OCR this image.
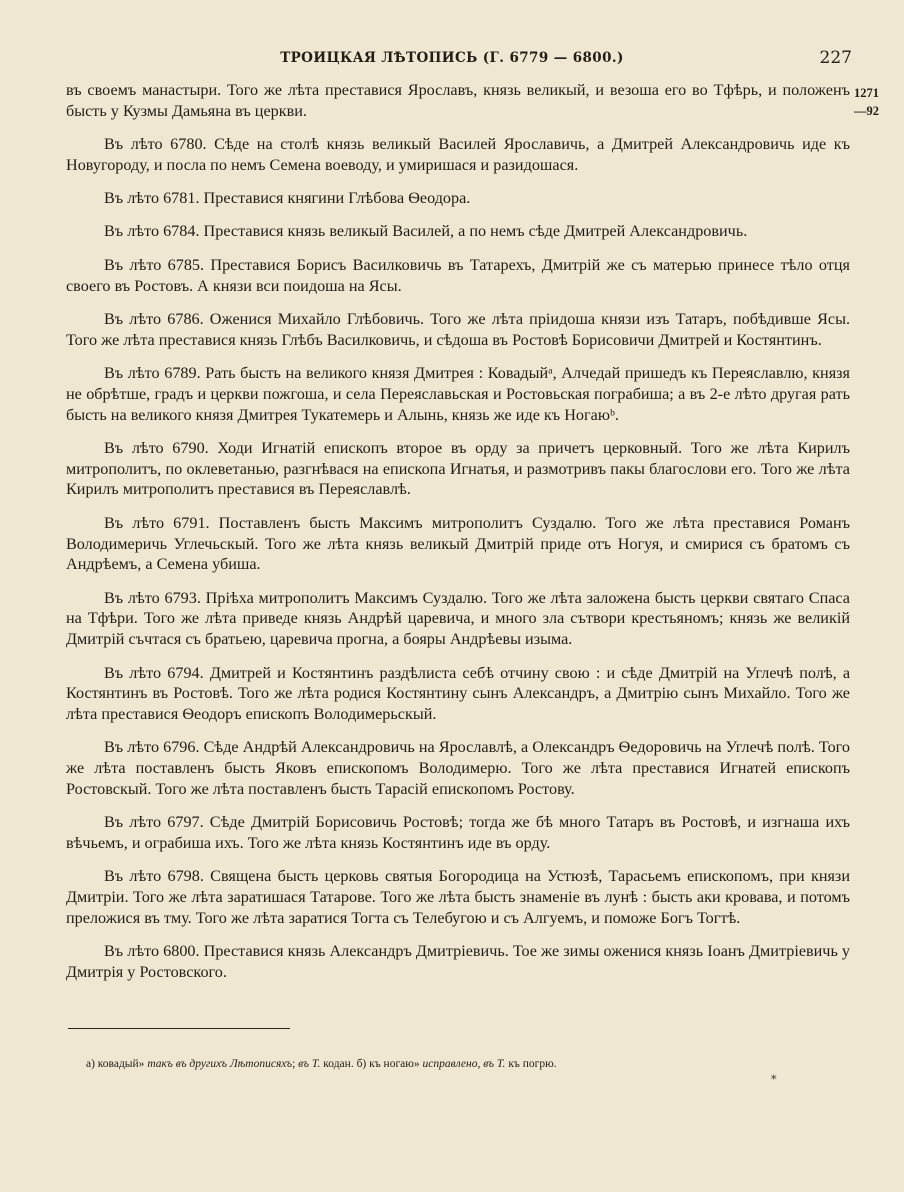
ТРОИЦКАЯ ЛѢТОПИСЬ (Г. 6779 — 6800.)	227
1271
—92

въ своемъ манастыри. Того же лѣта преставися Ярославъ, князь великый, и везоша его во Тфѣрь, и положенъ бысть у Кузмы Дамьяна въ церкви.

Въ лѣто 6780. Сѣде на столѣ князь великый Василей Ярославичь, а Дмитрей Александровичь иде къ Новугороду, и посла по немъ Семена воеводу, и умиришася и разидошася.

Въ лѣто 6781. Преставися княгини Глѣбова Ѳеодора.

Въ лѣто 6784. Преставися князь великый Василей, а по немъ сѣде Дмитрей Александровичь.

Въ лѣто 6785. Преставися Борисъ Василковичь въ Татарехъ, Дмитрій же съ матерью принесе тѣло отця своего въ Ростовъ. А князи вси поидоша на Ясы.

Въ лѣто 6786. Оженися Михайло Глѣбовичь. Того же лѣта прiидоша князи изъ Татаръ, побѣдивше Ясы. Того же лѣта преставися князь Глѣбъ Василковичь, и сѣдоша въ Ростовѣ Борисовичи Дмитрей и Костянтинъ.

Въ лѣто 6789. Рать бысть на великого князя Дмитрея : Ковадыйᵃ, Алчедай пришедъ къ Переяславлю, князя не обрѣтше, градъ и церкви пожгоша, и села Переяславьская и Ростовьская пограбиша; а въ 2-е лѣто другая рать бысть на великого князя Дмитрея Тукатемерь и Алынь, князь же иде къ Ногаюᵇ.

Въ лѣто 6790. Ходи Игнатій епископъ второе въ орду за причетъ церковный. Того же лѣта Кирилъ митрополитъ, по оклеветанью, разгнѣвася на епископа Игнатья, и размотривъ пакы благослови его. Того же лѣта Кирилъ митрополитъ преставися въ Переяславлѣ.

Въ лѣто 6791. Поставленъ бысть Максимъ митрополитъ Суздалю. Того же лѣта преставися Романъ Володимеричь Углечьскый. Того же лѣта князь великый Дмитрій приде отъ Ногуя, и смирися съ братомъ съ Андрѣемъ, а Семена убиша.

Въ лѣто 6793. Прiѣха митрополитъ Максимъ Суздалю. Того же лѣта заложена бысть церкви святаго Спаса на Тфѣри. Того же лѣта приведе князь Андрѣй царевича, и много зла сътвори крестьяномъ; князь же великій Дмитрій съчтася съ братьею, царевича прогна, а бояры Андрѣевы изыма.

Въ лѣто 6794. Дмитрей и Костянтинъ раздѣлиста себѣ отчину свою : и сѣде Дмитрій на Углечѣ полѣ, а Костянтинъ въ Ростовѣ. Того же лѣта родися Костянтину сынъ Александръ, а Дмитрію сынъ Михайло. Того же лѣта преставися Ѳеодоръ епископъ Володимерьскый.

Въ лѣто 6796. Сѣде Андрѣй Александровичь на Ярославлѣ, а Олександръ Ѳедоровичь на Углечѣ полѣ. Того же лѣта поставленъ бысть Яковъ епископомъ Володимерю. Того же лѣта преставися Игнатей епископъ Ростовскый. Того же лѣта поставленъ бысть Тарасій епископомъ Ростову.

Въ лѣто 6797. Сѣде Дмитрій Борисовичь Ростовѣ; тогда же бѣ много Татаръ въ Ростовѣ, и изгнаша ихъ вѣчьемъ, и ограбиша ихъ. Того же лѣта князь Костянтинъ иде въ орду.

Въ лѣто 6798. Священа бысть церковь святыя Богородица на Устюзѣ, Тарасьемъ епископомъ, при князи Дмитріи. Того же лѣта заратишася Татарове. Того же лѣта бысть знаменіе въ лунѣ : бысть аки кровава, и потомъ преложися въ тму. Того же лѣта заратися Тогта съ Телебугою и съ Алгуемъ, и поможе Богъ Тогтѣ.

Въ лѣто 6800. Преставися князь Александръ Дмитріевичь. Тое же зимы оженися князь Іоанъ Дмитріевичь у Дмитрія у Ростовского.

а) ковадый» такъ въ другихъ Лѣтописяхъ; въ Т. кодан. б) къ ногаю» исправлено, въ Т. къ погрю.
*
